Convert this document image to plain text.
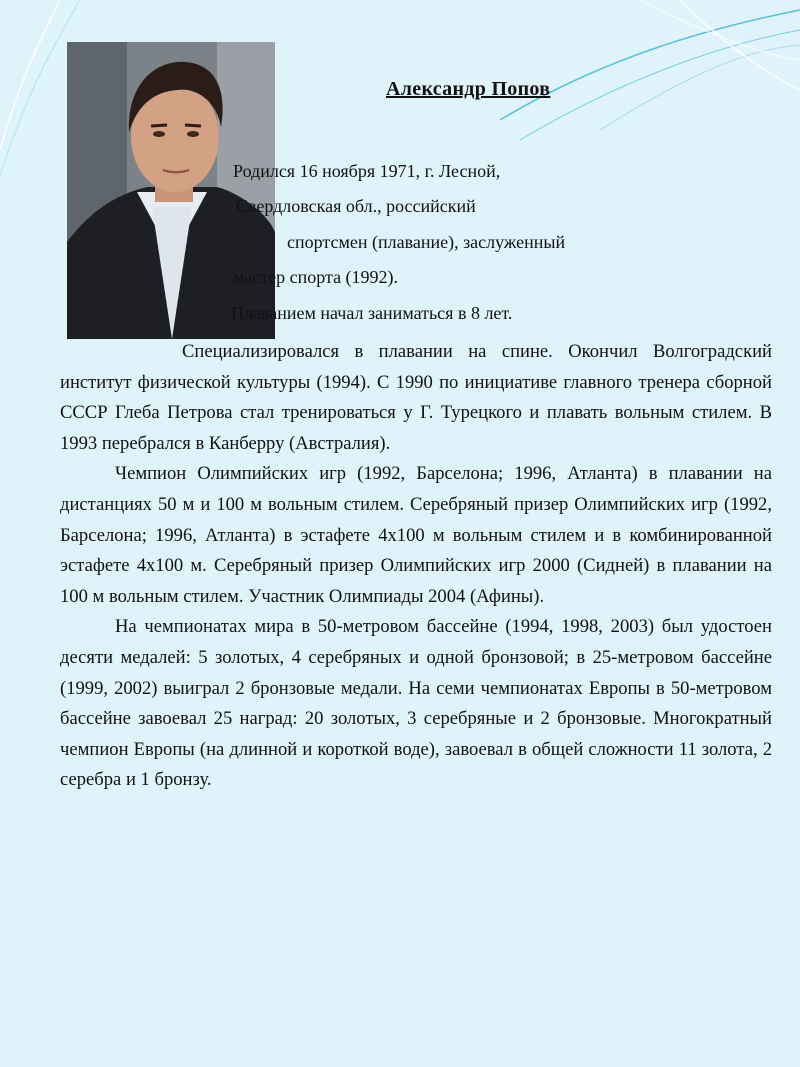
Александр Попов
Родился 16 ноября 1971, г. Лесной,
Свердловская обл., российский
спортсмен (плавание), заслуженный
мастер спорта (1992).
Плаванием начал заниматься в 8 лет.

Специализировался в плавании на спине. Окончил Волгоградский институт физической культуры (1994). С 1990 по инициативе главного тренера сборной СССР Глеба Петрова стал тренироваться у Г. Турецкого и плавать вольным стилем. В 1993 перебрался в Канберру (Австралия).

Чемпион Олимпийских игр (1992, Барселона; 1996, Атланта) в плавании на дистанциях 50 м и 100 м вольным стилем. Серебряный призер Олимпийских игр (1992, Барселона; 1996, Атланта) в эстафете 4х100 м вольным стилем и в комбинированной эстафете 4х100 м. Серебряный призер Олимпийских игр 2000 (Сидней) в плавании на 100 м вольным стилем. Участник Олимпиады 2004 (Афины).

На чемпионатах мира в 50-метровом бассейне (1994, 1998, 2003) был удостоен десяти медалей: 5 золотых, 4 серебряных и одной бронзовой; в 25-метровом бассейне (1999, 2002) выиграл 2 бронзовые медали. На семи чемпионатах Европы в 50-метровом бассейне завоевал 25 наград: 20 золотых, 3 серебряные и 2 бронзовые. Многократный чемпион Европы (на длинной и короткой воде), завоевал в общей сложности 11 золота, 2 серебра и 1 бронзу.
